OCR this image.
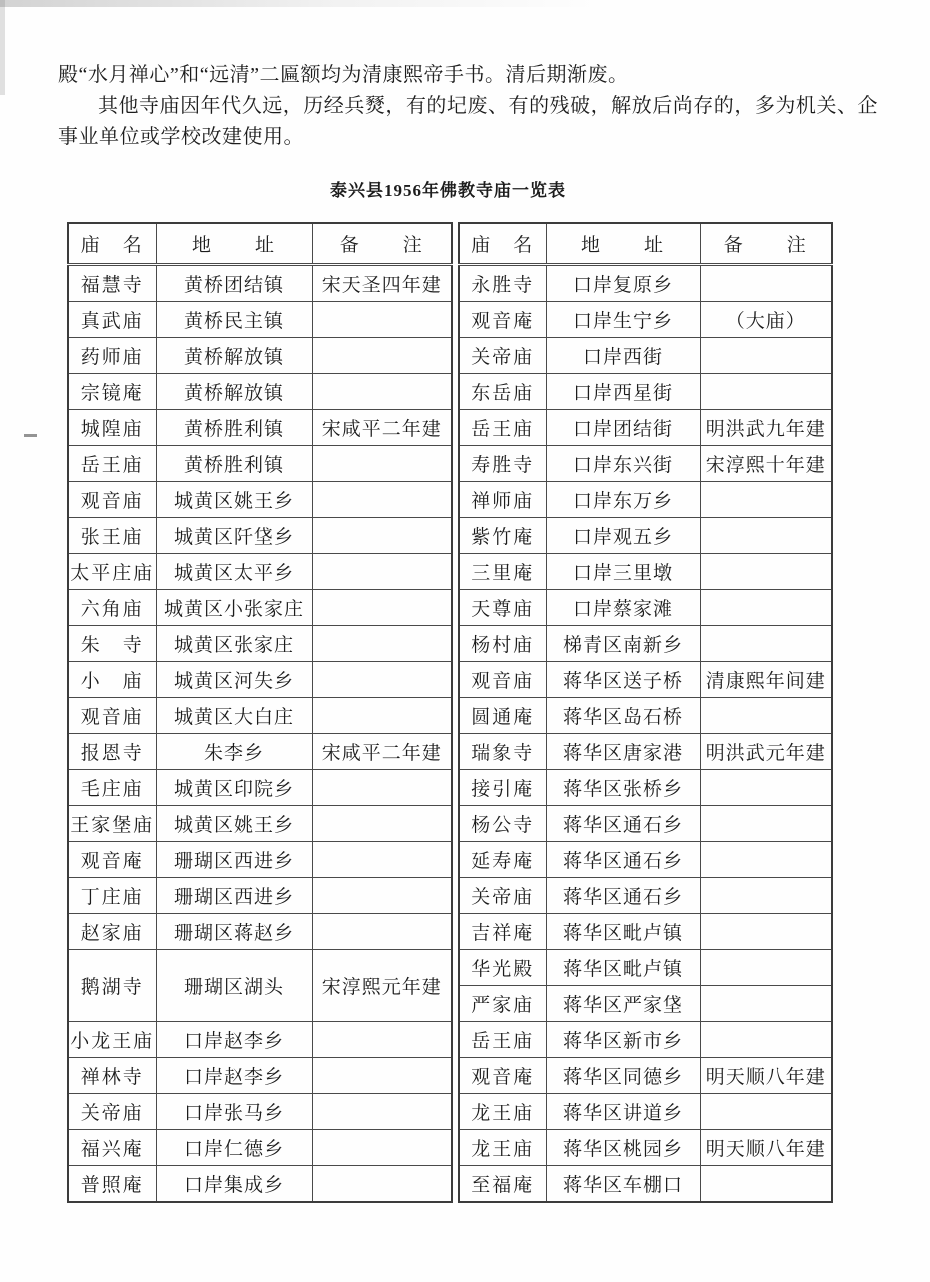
殿“水月禅心”和“远清”二匾额均为清康熙帝手书。清后期渐废。

其他寺庙因年代久远，历经兵燹，有的圮废、有的残破，解放后尚存的，多为机关、企事业单位或学校改建使用。

泰兴县1956年佛教寺庙一览表
庙　名	地　　址	备　　注
福慧寺	黄桥团结镇	宋天圣四年建
真武庙	黄桥民主镇	
药师庙	黄桥解放镇	
宗镜庵	黄桥解放镇	
城隍庙	黄桥胜利镇	宋咸平二年建
岳王庙	黄桥胜利镇	
观音庙	城黄区姚王乡	
张王庙	城黄区阡垡乡	
太平庄庙	城黄区太平乡	
六角庙	城黄区小张家庄	
朱　寺	城黄区张家庄	
小　庙	城黄区河失乡	
观音庙	城黄区大白庄	
报恩寺	朱李乡	宋咸平二年建
毛庄庙	城黄区印院乡	
王家堡庙	城黄区姚王乡	
观音庵	珊瑚区西进乡	
丁庄庙	珊瑚区西进乡	
赵家庙	珊瑚区蒋赵乡	
鹅湖寺	珊瑚区湖头	宋淳熙元年建
小龙王庙	口岸赵李乡	
禅林寺	口岸赵李乡	
关帝庙	口岸张马乡	
福兴庵	口岸仁德乡	
普照庵	口岸集成乡	
庙　名	地　　址	备　　注
永胜寺	口岸复原乡	
观音庵	口岸生宁乡	（大庙）
关帝庙	口岸西街	
东岳庙	口岸西星街	
岳王庙	口岸团结街	明洪武九年建
寿胜寺	口岸东兴街	宋淳熙十年建
禅师庙	口岸东万乡	
紫竹庵	口岸观五乡	
三里庵	口岸三里墩	
天尊庙	口岸蔡家滩	
杨村庙	梯青区南新乡	
观音庙	蒋华区送子桥	清康熙年间建
圆通庵	蒋华区岛石桥	
瑞象寺	蒋华区唐家港	明洪武元年建
接引庵	蒋华区张桥乡	
杨公寺	蒋华区通石乡	
延寿庵	蒋华区通石乡	
关帝庙	蒋华区通石乡	
吉祥庵	蒋华区毗卢镇	
华光殿	蒋华区毗卢镇	
严家庙	蒋华区严家垡	
岳王庙	蒋华区新市乡	
观音庵	蒋华区同德乡	明天顺八年建
龙王庙	蒋华区讲道乡	
龙王庙	蒋华区桃园乡	明天顺八年建
至福庵	蒋华区车棚口	
